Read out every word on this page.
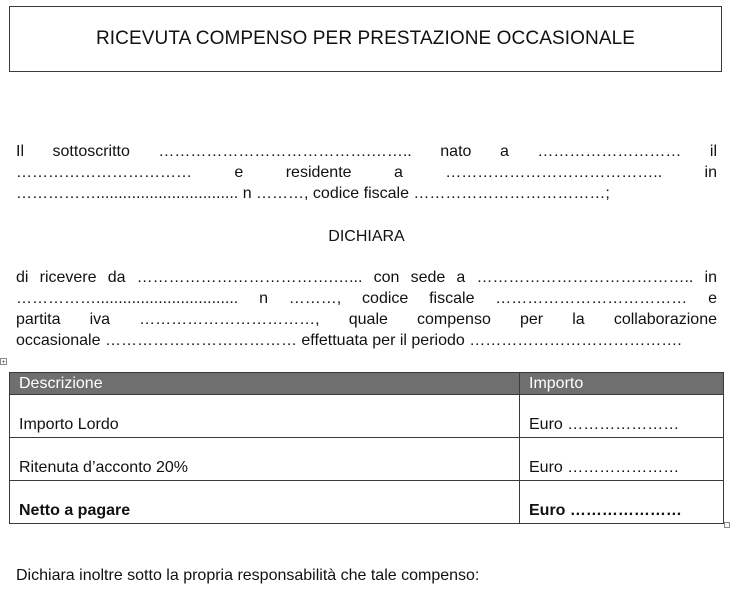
RICEVUTA COMPENSO PER PRESTAZIONE OCCASIONALE
Il sottoscritto ………………………………….…….. nato a ……………………… il
…………………………… e residente a ………………………………….. in
……………................................ n ………, codice fiscale ………………………………;
DICHIARA
di ricevere da ……………………………….…... con sede a ………………………………….. in
……………................................ n ………, codice fiscale ……………………………… e
partita iva ……………………………, quale compenso per la collaborazione
occasionale ……………………………… effettuata per il periodo ………………………………….
+
Descrizione	Importo
Importo Lordo	Euro …………………
Ritenuta d’acconto 20%	Euro …………………
Netto a pagare	Euro …………………
Dichiara inoltre sotto la propria responsabilità che tale compenso:
